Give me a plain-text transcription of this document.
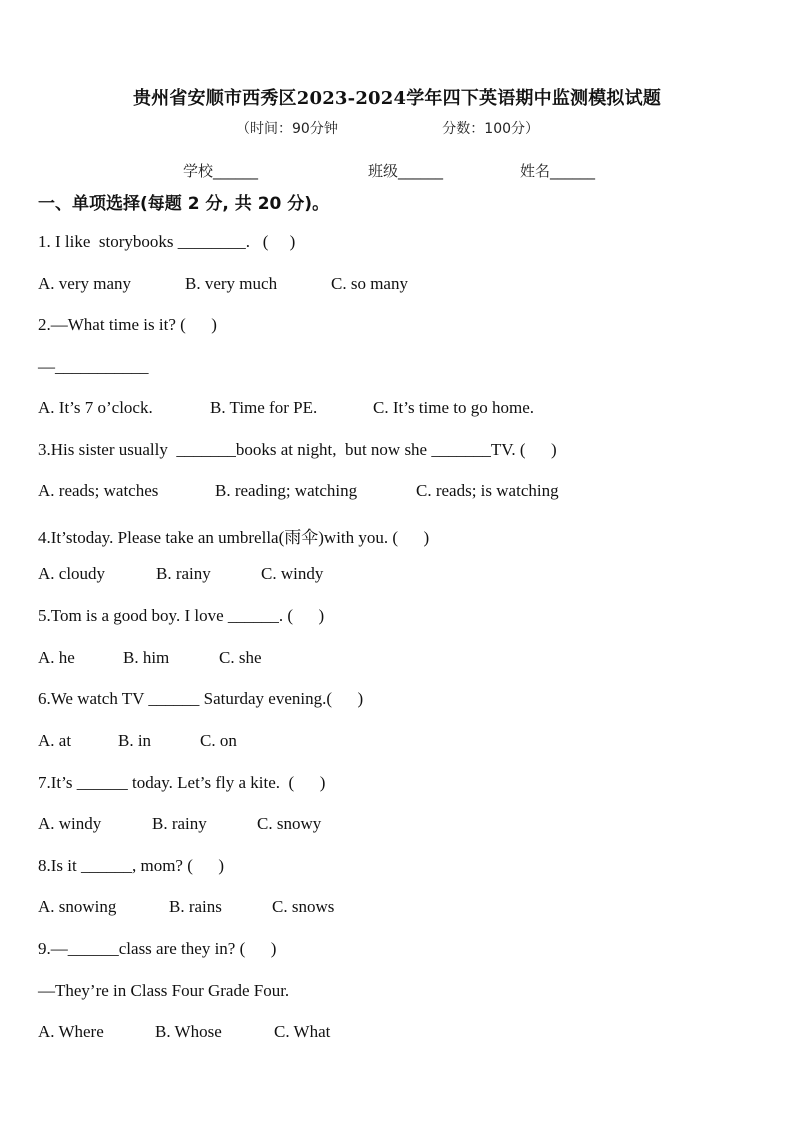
贵州省安顺市西秀区2023-2024学年四下英语期中监测模拟试题
（时间：90分钟	分数：100分）
学校______	班级______	姓名______
一、单项选择(每题 2 分, 共 20 分)。
1. I like  storybooks ________.   (     )
A. very many	B. very much	C. so many
2.—What time is it? (      )
—___________
A. It’s 7 o’clock.	B. Time for PE.	C. It’s time to go home.
3.His sister usually  _______books at night,  but now she _______TV. (      )
A. reads; watches	B. reading; watching	C. reads; is watching
4.It’stoday. Please take an umbrella(雨伞)with you. (      )
A. cloudy	B. rainy	C. windy
5.Tom is a good boy. I love ______. (      )
A. he	B. him	C. she
6.We watch TV ______ Saturday evening.(      )
A. at	B. in	C. on
7.It’s ______ today. Let’s fly a kite.  (      )
A. windy	B. rainy	C. snowy
8.Is it ______, mom? (      )
A. snowing	B. rains	C. snows
9.—______class are they in? (      )
—They’re in Class Four Grade Four.
A. Where	B. Whose	C. What
